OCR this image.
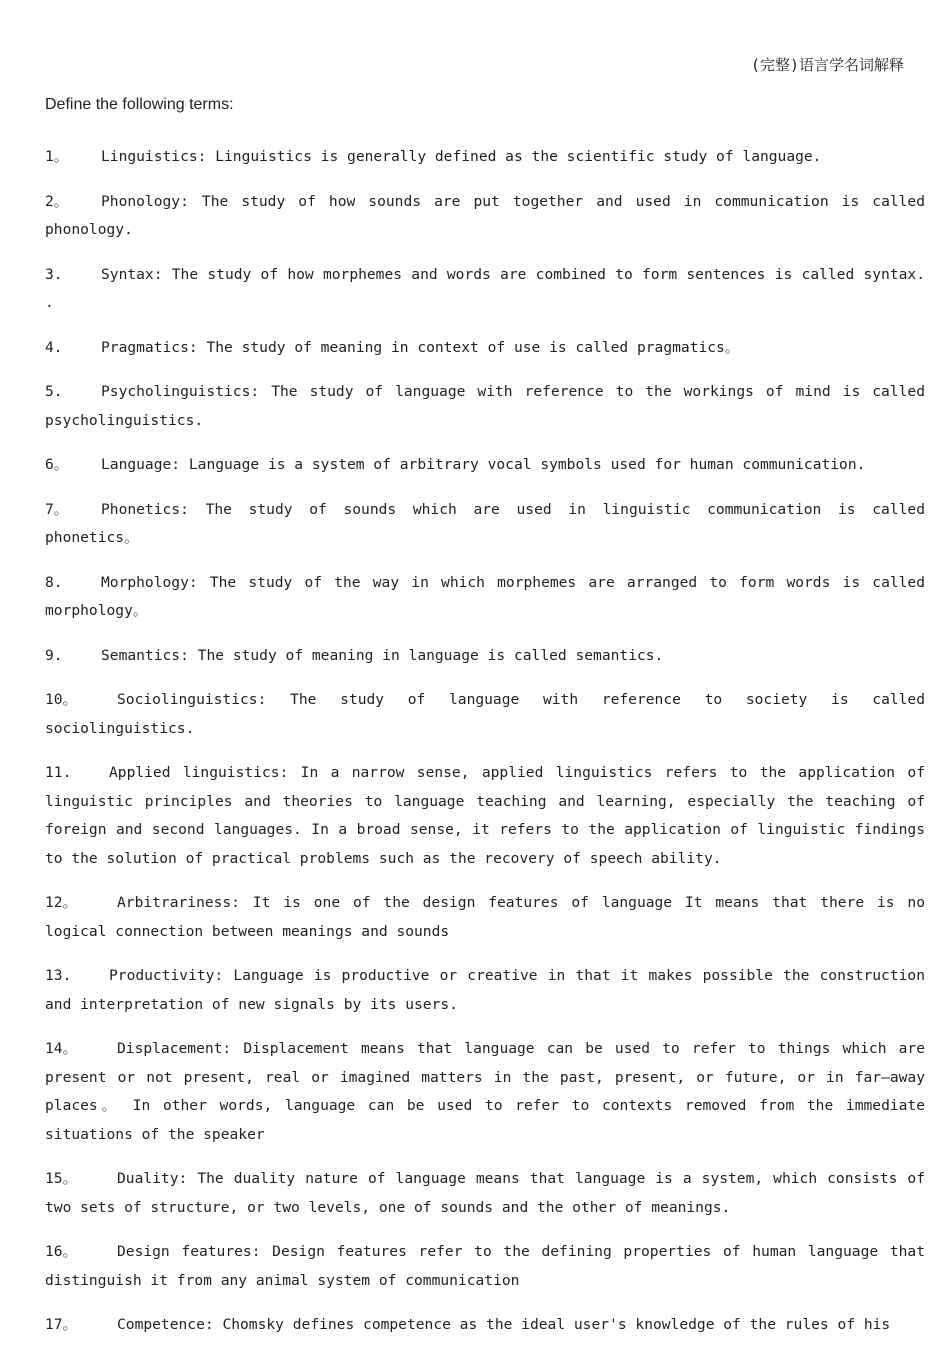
(完整)语言学名词解释
Define the following terms:

1。 Linguistics: Linguistics is generally defined as the scientific study of language.

2。 Phonology: The study of how sounds are put together and used in communication is called phonology.

3.	Syntax: The study of how morphemes and words are combined to form sentences is called syntax. .

4.	Pragmatics: The study of meaning in context of use is called pragmatics。

5.	Psycholinguistics: The study of language with reference to the workings of mind is called psycholinguistics.

6。 Language: Language is a system of arbitrary vocal symbols used for human communication.

7。 Phonetics: The study of sounds which are used in linguistic communication is called phonetics。

8.	Morphology: The study of the way in which morphemes are arranged to form words is called morphology。

9.	Semantics: The study of meaning in language is called semantics.

10。	Sociolinguistics: The study of language with reference to society is called sociolinguistics.

11.	Applied linguistics: In a narrow sense, applied linguistics refers to the application of linguistic principles and theories to language teaching and learning, especially the teaching of foreign and second languages. In a broad sense, it refers to the application of linguistic findings to the solution of practical problems such as the recovery of speech ability.

12。	Arbitrariness: It is one of the design features of language It means that there is no logical connection between meanings and sounds

13.	Productivity: Language is productive or creative in that it makes possible the construction and interpretation of new signals by its users.

14。	Displacement: Displacement means that language can be used to refer to things which are present or not present, real or imagined matters in the past, present, or future, or in far—away places。 In other words, language can be used to refer to contexts removed from the immediate situations of the speaker

15。	Duality: The duality nature of language means that language is a system, which consists of two sets of structure, or two levels, one of sounds and the other of meanings.

16。	Design features: Design features refer to the defining properties of human language that distinguish it from any animal system of communication

17。	Competence: Chomsky defines competence as the ideal user's knowledge of the rules of his
